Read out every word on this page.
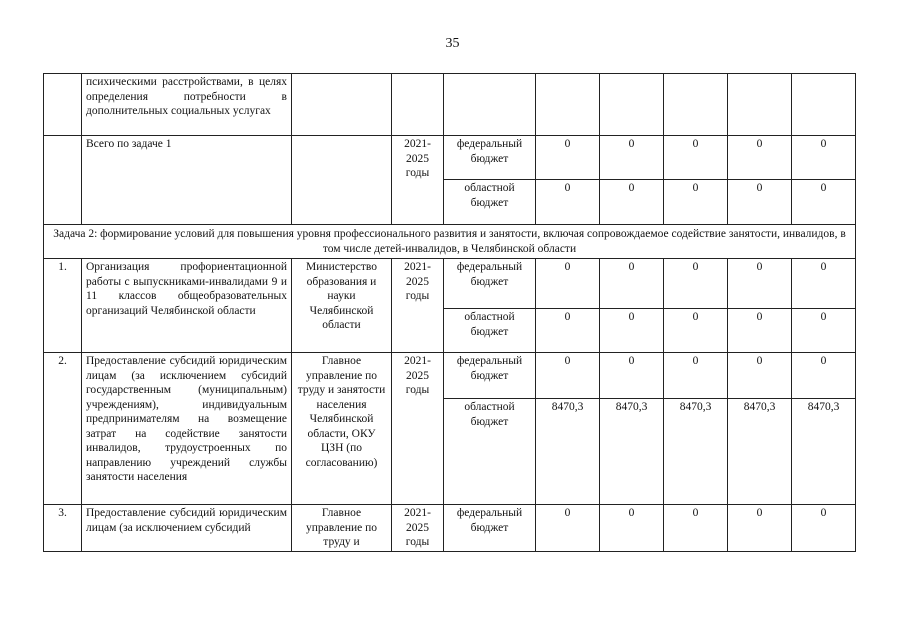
35
	психическими расстройствами, в целях определения потребности в дополнительных социальных услугах								
	Всего по задаче 1		2021-2025 годы	федеральный бюджет	0	0	0	0	0
				областной бюджет	0	0	0	0	0
Задача 2: формирование условий для повышения уровня профессионального развития и занятости, включая сопровождаемое содействие занятости, инвалидов, в том числе детей-инвалидов, в Челябинской области									
1.	Организация профориентационной работы с выпускниками-инвалидами 9 и 11 классов общеобразовательных организаций Челябинской области	Министерство образования и науки Челябинской области	2021-2025 годы	федеральный бюджет	0	0	0	0	0
				областной бюджет	0	0	0	0	0
2.	Предоставление субсидий юридическим лицам (за исключением субсидий государственным (муниципальным) учреждениям), индивидуальным предпринимателям на возмещение затрат на содействие занятости инвалидов, трудоустроенных по направлению учреждений службы занятости населения	Главное управление по труду и занятости населения Челябинской области, ОКУ ЦЗН (по согласованию)	2021-2025 годы	федеральный бюджет	0	0	0	0	0
				областной бюджет	8470,3	8470,3	8470,3	8470,3	8470,3
3.	Предоставление субсидий юридическим лицам (за исключением субсидий	Главное управление по труду и	2021-2025 годы	федеральный бюджет	0	0	0	0	0
